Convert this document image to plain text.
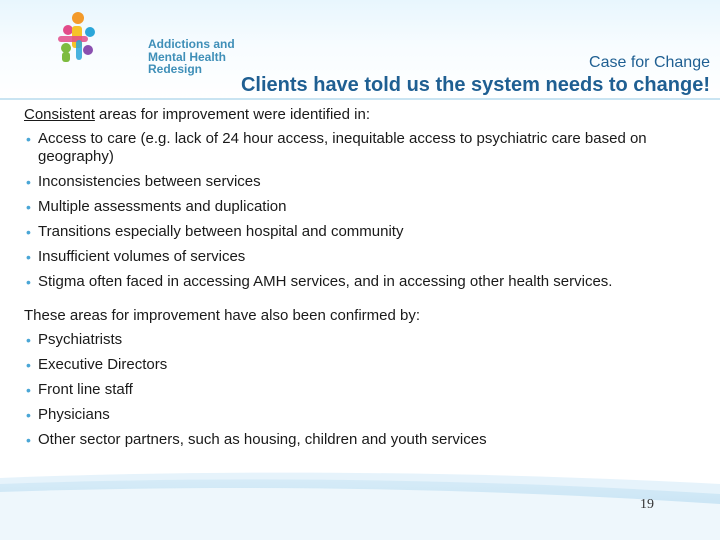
Addictions and
Mental Health
Redesign	Case for Change
Clients have told us the system needs to change!

Consistent areas for improvement were identified in:

• Access to care (e.g. lack of 24 hour access, inequitable access to psychiatric care based on geography)
• Inconsistencies between services
• Multiple assessments and duplication
• Transitions especially between hospital and community
• Insufficient volumes of services
• Stigma often faced in accessing AMH services, and in accessing other health services.

These areas for improvement have also been confirmed by:

• Psychiatrists
• Executive Directors
• Front line staff
• Physicians
• Other sector partners, such as housing, children and youth services
19
